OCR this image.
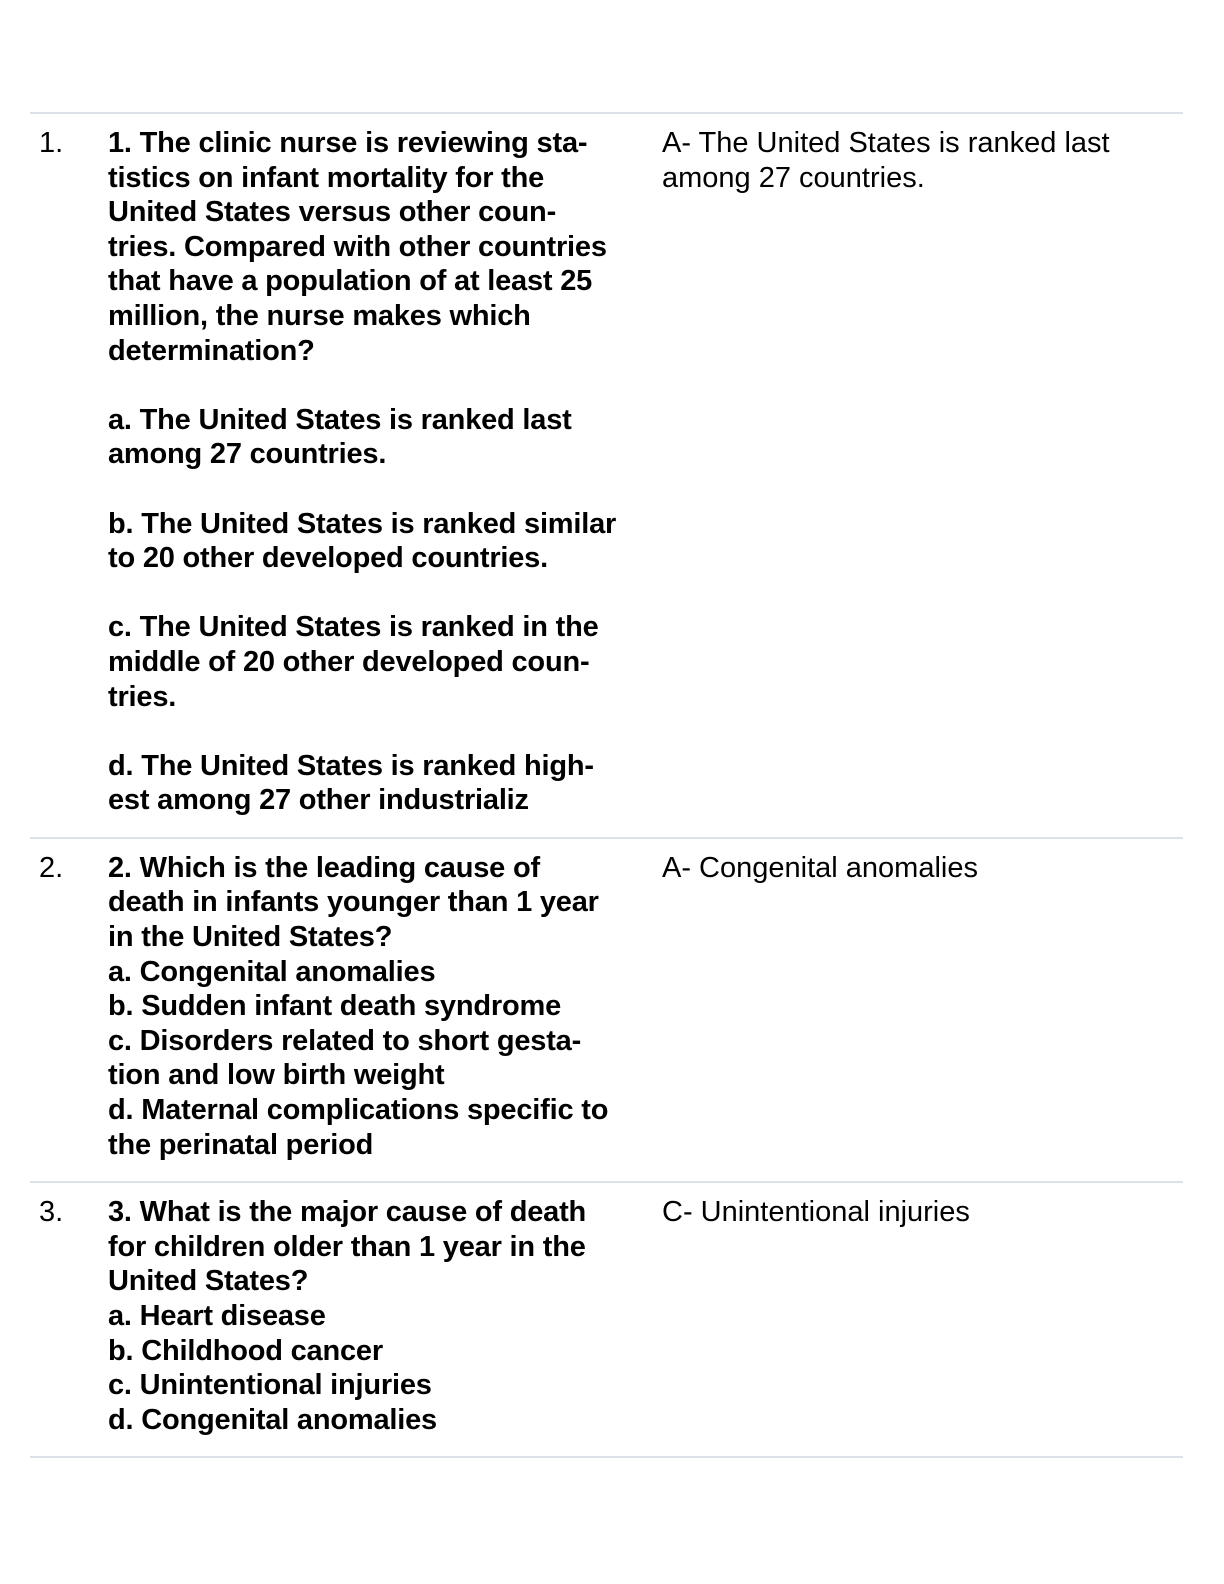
1.	1. The clinic nurse is reviewing sta-
tistics on infant mortality for the
United States versus other coun-
tries. Compared with other countries
that have a population of at least 25
million, the nurse makes which
determination?

a. The United States is ranked last
among 27 countries.

b. The United States is ranked similar
to 20 other developed countries.

c. The United States is ranked in the
middle of 20 other developed coun-
tries.

d. The United States is ranked high-
est among 27 other industrializ
A- The United States is ranked last
among 27 countries.
2.	2. Which is the leading cause of
death in infants younger than 1 year
in the United States?
a. Congenital anomalies
b. Sudden infant death syndrome
c. Disorders related to short gesta-
tion and low birth weight
d. Maternal complications specific to
the perinatal period
A- Congenital anomalies
3.	3. What is the major cause of death
for children older than 1 year in the
United States?
a. Heart disease
b. Childhood cancer
c. Unintentional injuries
d. Congenital anomalies
C- Unintentional injuries
